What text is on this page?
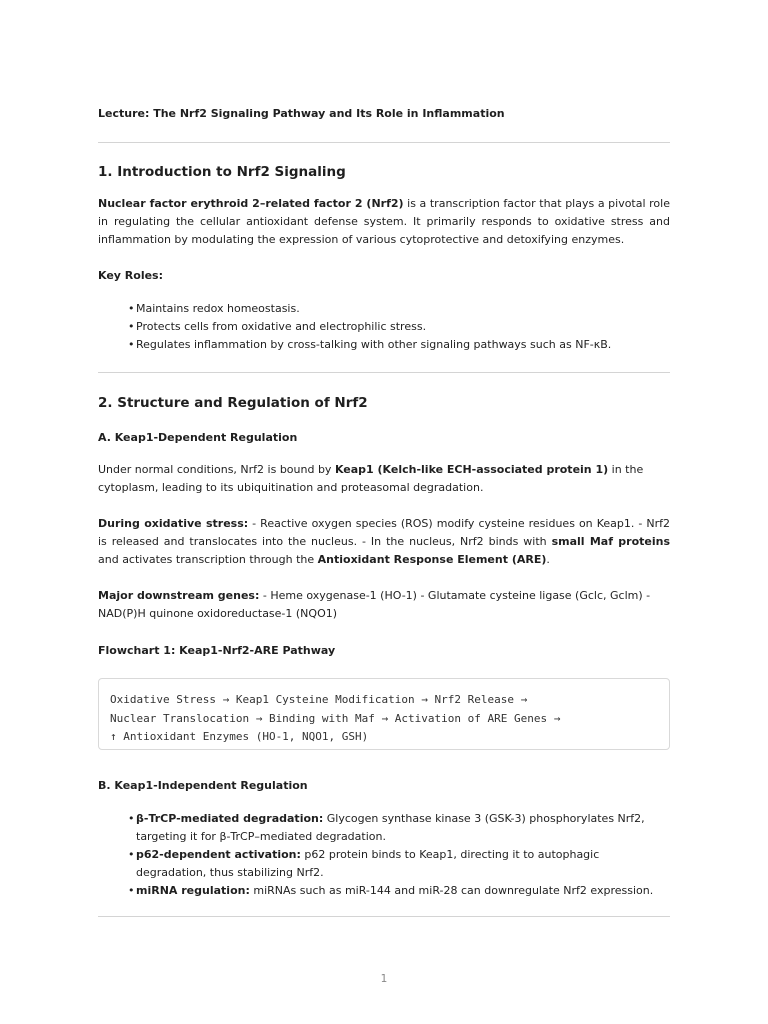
Lecture: The Nrf2 Signaling Pathway and Its Role in Inflammation
1. Introduction to Nrf2 Signaling
Nuclear factor erythroid 2–related factor 2 (Nrf2) is a transcription factor that plays a pivotal role in regulating the cellular antioxidant defense system. It primarily responds to oxidative stress and inflammation by modulating the expression of various cytoprotective and detoxifying enzymes.
Key Roles:
• Maintains redox homeostasis.
• Protects cells from oxidative and electrophilic stress.
• Regulates inflammation by cross-talking with other signaling pathways such as NF-κB.
2. Structure and Regulation of Nrf2
A. Keap1-Dependent Regulation
Under normal conditions, Nrf2 is bound by Keap1 (Kelch-like ECH-associated protein 1) in the cytoplasm, leading to its ubiquitination and proteasomal degradation.
During oxidative stress: - Reactive oxygen species (ROS) modify cysteine residues on Keap1. - Nrf2 is released and translocates into the nucleus. - In the nucleus, Nrf2 binds with small Maf proteins and activates transcription through the Antioxidant Response Element (ARE).
Major downstream genes: - Heme oxygenase-1 (HO-1) - Glutamate cysteine ligase (Gclc, Gclm) - NAD(P)H quinone oxidoreductase-1 (NQO1)
Flowchart 1: Keap1-Nrf2-ARE Pathway
Oxidative Stress → Keap1 Cysteine Modification → Nrf2 Release →
Nuclear Translocation → Binding with Maf → Activation of ARE Genes →
↑ Antioxidant Enzymes (HO-1, NQO1, GSH)
B. Keap1-Independent Regulation
• β-TrCP-mediated degradation: Glycogen synthase kinase 3 (GSK-3) phosphorylates Nrf2, targeting it for β-TrCP–mediated degradation.
• p62-dependent activation: p62 protein binds to Keap1, directing it to autophagic degradation, thus stabilizing Nrf2.
• miRNA regulation: miRNAs such as miR-144 and miR-28 can downregulate Nrf2 expression.
1
